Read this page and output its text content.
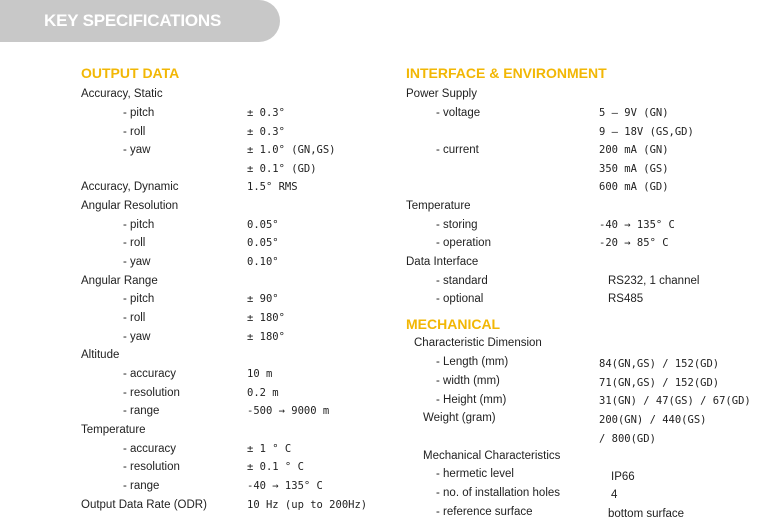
KEY SPECIFICATIONS
OUTPUT DATA
Accuracy, Static
- pitch	± 0.3°
- roll	± 0.3°
- yaw	± 1.0° (GN,GS)
± 0.1° (GD)
Accuracy, Dynamic	1.5° RMS
Angular Resolution
- pitch	0.05°
- roll	0.05°
- yaw	0.10°
Angular Range
- pitch	± 90°
- roll	± 180°
- yaw	± 180°
Altitude
- accuracy	10 m
- resolution	0.2 m
- range	-500 → 9000 m
Temperature
- accuracy	± 1 ° C
- resolution	± 0.1 ° C
- range	-40 → 135° C
Output Data Rate (ODR)	10 Hz (up to 200Hz)
INTERFACE & ENVIRONMENT
Power Supply
- voltage	5 – 9V (GN)
9 – 18V (GS,GD)
- current	200 mA (GN)
350 mA (GS)
600 mA (GD)
Temperature
- storing	-40 → 135° C
- operation	-20 → 85° C
Data Interface
- standard	RS232, 1 channel
- optional	RS485
MECHANICAL
Characteristic Dimension
- Length (mm)	84(GN,GS) / 152(GD)
- width (mm)	71(GN,GS) / 152(GD)
- Height (mm)	31(GN) / 47(GS) / 67(GD)
Weight (gram)	200(GN) / 440(GS)
/ 800(GD)
Mechanical Characteristics
- hermetic level	IP66
- no. of installation holes	4
- reference surface	bottom surface
